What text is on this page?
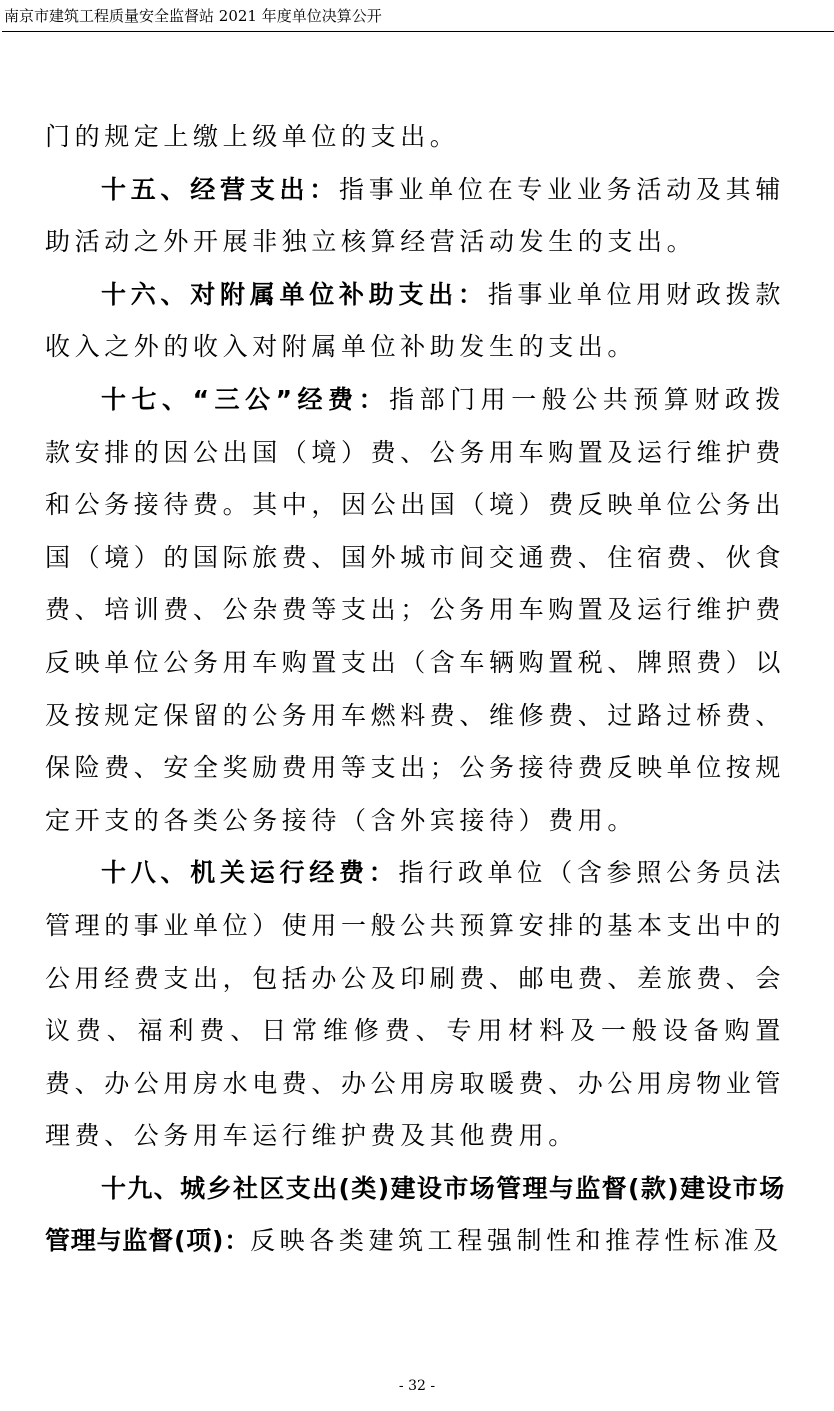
南京市建筑工程质量安全监督站 2021 年度单位决算公开

门的规定上缴上级单位的支出。

十五、经营支出：指事业单位在专业业务活动及其辅助活动之外开展非独立核算经营活动发生的支出。

十六、对附属单位补助支出：指事业单位用财政拨款收入之外的收入对附属单位补助发生的支出。

十七、“三公”经费：指部门用一般公共预算财政拨款安排的因公出国（境）费、公务用车购置及运行维护费和公务接待费。其中，因公出国（境）费反映单位公务出国（境）的国际旅费、国外城市间交通费、住宿费、伙食费、培训费、公杂费等支出；公务用车购置及运行维护费反映单位公务用车购置支出（含车辆购置税、牌照费）以及按规定保留的公务用车燃料费、维修费、过路过桥费、保险费、安全奖励费用等支出；公务接待费反映单位按规定开支的各类公务接待（含外宾接待）费用。

十八、机关运行经费：指行政单位（含参照公务员法管理的事业单位）使用一般公共预算安排的基本支出中的公用经费支出，包括办公及印刷费、邮电费、差旅费、会议费、福利费、日常维修费、专用材料及一般设备购置费、办公用房水电费、办公用房取暖费、办公用房物业管理费、公务用车运行维护费及其他费用。

十九、城乡社区支出(类)建设市场管理与监督(款)建设市场管理与监督(项)：反映各类建筑工程强制性和推荐性标准及

- 32 -
